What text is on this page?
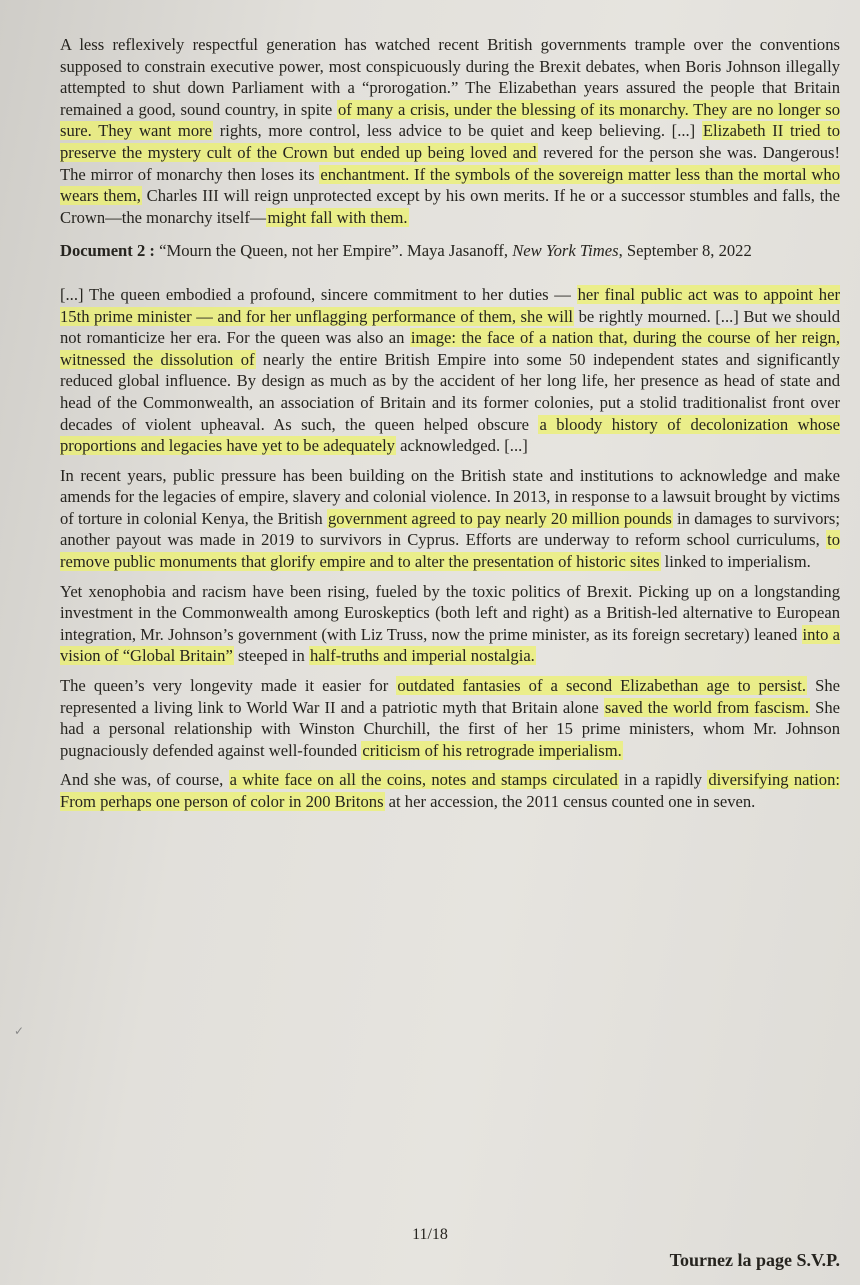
A less reflexively respectful generation has watched recent British governments trample over the conventions supposed to constrain executive power, most conspicuously during the Brexit debates, when Boris Johnson illegally attempted to shut down Parliament with a “prorogation.” The Elizabethan years assured the people that Britain remained a good, sound country, in spite of many a crisis, under the blessing of its monarchy. They are no longer so sure. They want more rights, more control, less advice to be quiet and keep believing. [...] Elizabeth II tried to preserve the mystery cult of the Crown but ended up being loved and revered for the person she was. Dangerous! The mirror of monarchy then loses its enchantment. If the symbols of the sovereign matter less than the mortal who wears them, Charles III will reign unprotected except by his own merits. If he or a successor stumbles and falls, the Crown—the monarchy itself—might fall with them.

Document 2 : “Mourn the Queen, not her Empire”. Maya Jasanoff, New York Times, September 8, 2022

[...] The queen embodied a profound, sincere commitment to her duties — her final public act was to appoint her 15th prime minister — and for her unflagging performance of them, she will be rightly mourned. [...] But we should not romanticize her era. For the queen was also an image: the face of a nation that, during the course of her reign, witnessed the dissolution of nearly the entire British Empire into some 50 independent states and significantly reduced global influence. By design as much as by the accident of her long life, her presence as head of state and head of the Commonwealth, an association of Britain and its former colonies, put a stolid traditionalist front over decades of violent upheaval. As such, the queen helped obscure a bloody history of decolonization whose proportions and legacies have yet to be adequately acknowledged. [...]

In recent years, public pressure has been building on the British state and institutions to acknowledge and make amends for the legacies of empire, slavery and colonial violence. In 2013, in response to a lawsuit brought by victims of torture in colonial Kenya, the British government agreed to pay nearly 20 million pounds in damages to survivors; another payout was made in 2019 to survivors in Cyprus. Efforts are underway to reform school curriculums, to remove public monuments that glorify empire and to alter the presentation of historic sites linked to imperialism.

Yet xenophobia and racism have been rising, fueled by the toxic politics of Brexit. Picking up on a longstanding investment in the Commonwealth among Euroskeptics (both left and right) as a British-led alternative to European integration, Mr. Johnson’s government (with Liz Truss, now the prime minister, as its foreign secretary) leaned into a vision of “Global Britain” steeped in half-truths and imperial nostalgia.

The queen’s very longevity made it easier for outdated fantasies of a second Elizabethan age to persist. She represented a living link to World War II and a patriotic myth that Britain alone saved the world from fascism. She had a personal relationship with Winston Churchill, the first of her 15 prime ministers, whom Mr. Johnson pugnaciously defended against well-founded criticism of his retrograde imperialism.

And she was, of course, a white face on all the coins, notes and stamps circulated in a rapidly diversifying nation: From perhaps one person of color in 200 Britons at her accession, the 2011 census counted one in seven.

✓
11/18
Tournez la page S.V.P.
